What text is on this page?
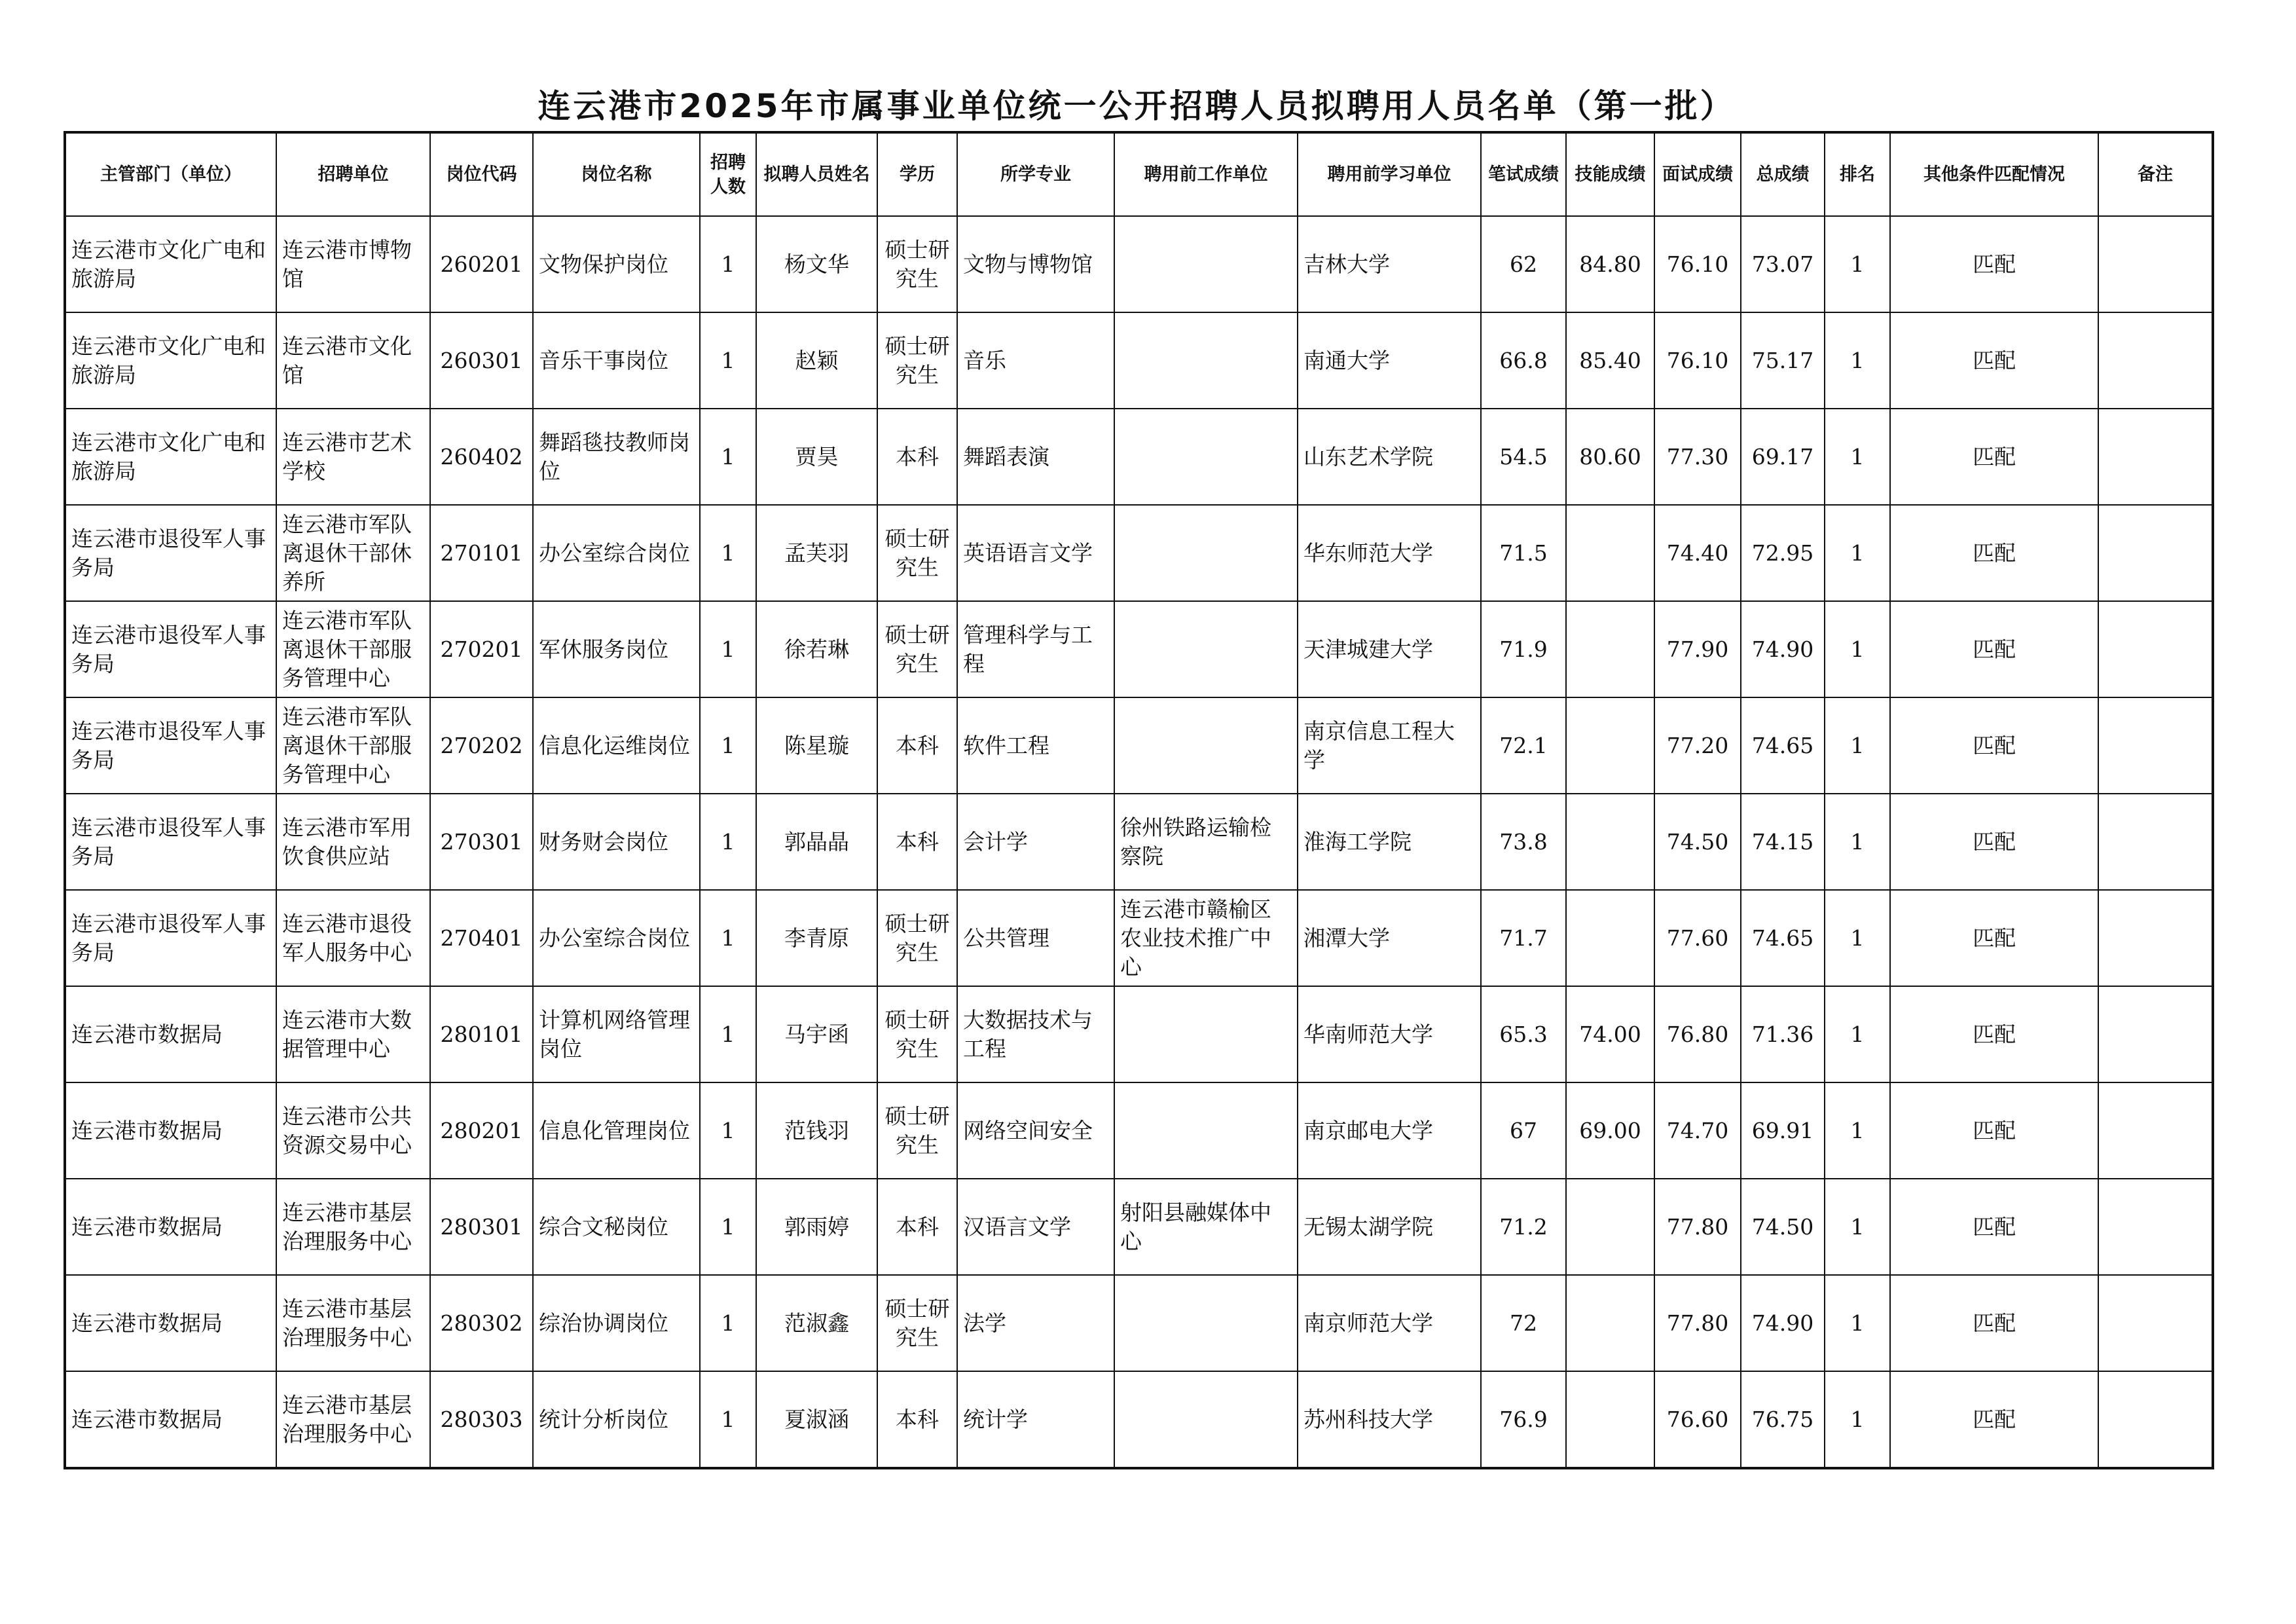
连云港市2025年市属事业单位统一公开招聘人员拟聘用人员名单（第一批）
主管部门（单位）	招聘单位	岗位代码	岗位名称	招聘人数	拟聘人员姓名	学历	所学专业	聘用前工作单位	聘用前学习单位	笔试成绩	技能成绩	面试成绩	总成绩	排名	其他条件匹配情况	备注
连云港市文化广电和旅游局	连云港市博物馆	260201	文物保护岗位	1	杨文华	硕士研究生	文物与博物馆		吉林大学	62	84.80	76.10	73.07	1	匹配	
连云港市文化广电和旅游局	连云港市文化馆	260301	音乐干事岗位	1	赵颖	硕士研究生	音乐		南通大学	66.8	85.40	76.10	75.17	1	匹配	
连云港市文化广电和旅游局	连云港市艺术学校	260402	舞蹈毯技教师岗位	1	贾昊	本科	舞蹈表演		山东艺术学院	54.5	80.60	77.30	69.17	1	匹配	
连云港市退役军人事务局	连云港市军队离退休干部休养所	270101	办公室综合岗位	1	孟芙羽	硕士研究生	英语语言文学		华东师范大学	71.5		74.40	72.95	1	匹配	
连云港市退役军人事务局	连云港市军队离退休干部服务管理中心	270201	军休服务岗位	1	徐若琳	硕士研究生	管理科学与工程		天津城建大学	71.9		77.90	74.90	1	匹配	
连云港市退役军人事务局	连云港市军队离退休干部服务管理中心	270202	信息化运维岗位	1	陈星璇	本科	软件工程		南京信息工程大学	72.1		77.20	74.65	1	匹配	
连云港市退役军人事务局	连云港市军用饮食供应站	270301	财务财会岗位	1	郭晶晶	本科	会计学	徐州铁路运输检察院	淮海工学院	73.8		74.50	74.15	1	匹配	
连云港市退役军人事务局	连云港市退役军人服务中心	270401	办公室综合岗位	1	李青原	硕士研究生	公共管理	连云港市赣榆区农业技术推广中心	湘潭大学	71.7		77.60	74.65	1	匹配	
连云港市数据局	连云港市大数据管理中心	280101	计算机网络管理岗位	1	马宇函	硕士研究生	大数据技术与工程		华南师范大学	65.3	74.00	76.80	71.36	1	匹配	
连云港市数据局	连云港市公共资源交易中心	280201	信息化管理岗位	1	范钱羽	硕士研究生	网络空间安全		南京邮电大学	67	69.00	74.70	69.91	1	匹配	
连云港市数据局	连云港市基层治理服务中心	280301	综合文秘岗位	1	郭雨婷	本科	汉语言文学	射阳县融媒体中心	无锡太湖学院	71.2		77.80	74.50	1	匹配	
连云港市数据局	连云港市基层治理服务中心	280302	综治协调岗位	1	范淑鑫	硕士研究生	法学		南京师范大学	72		77.80	74.90	1	匹配	
连云港市数据局	连云港市基层治理服务中心	280303	统计分析岗位	1	夏淑涵	本科	统计学		苏州科技大学	76.9		76.60	76.75	1	匹配	
